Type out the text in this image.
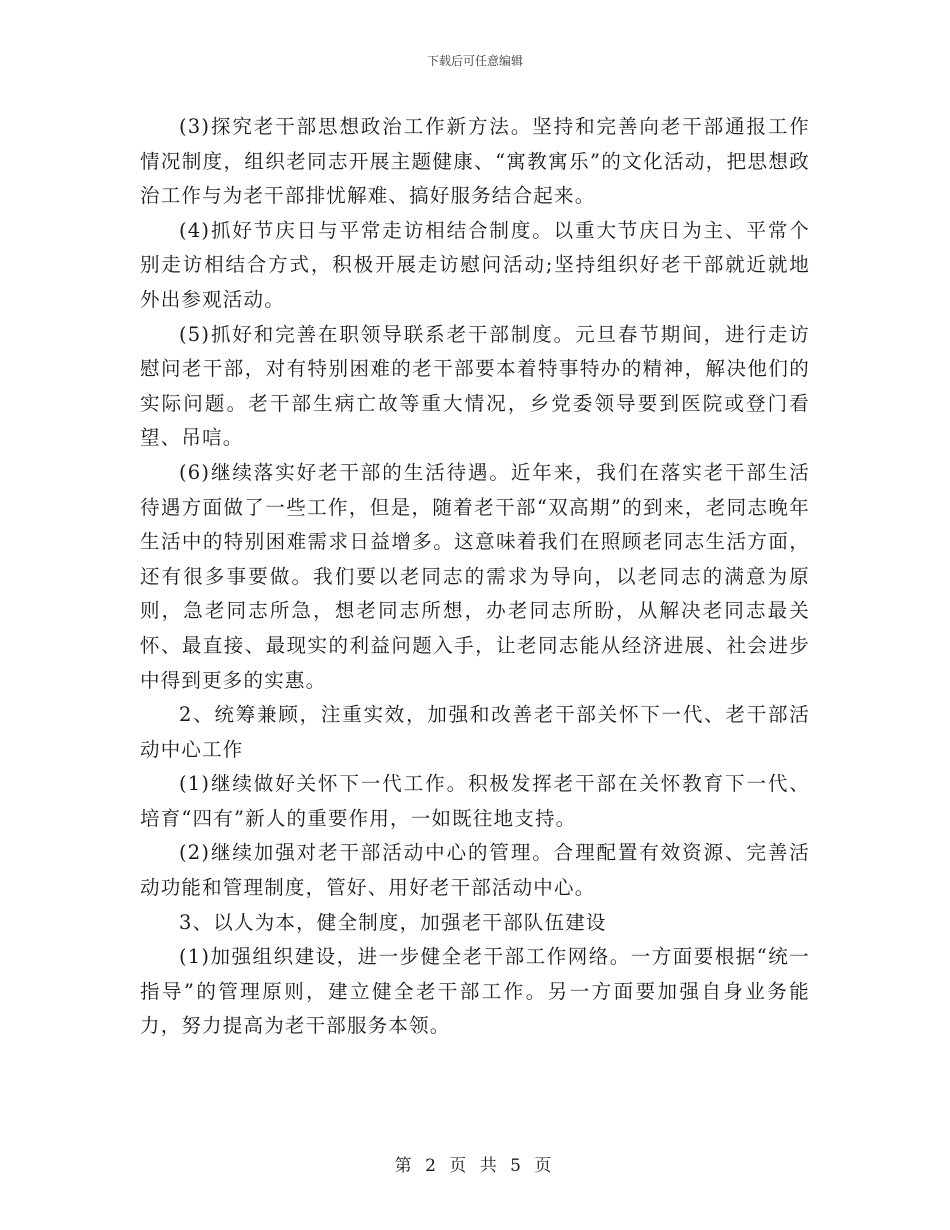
下载后可任意编辑

(3)探究老干部思想政治工作新方法。坚持和完善向老干部通报工作情况制度，组织老同志开展主题健康、“寓教寓乐”的文化活动，把思想政治工作与为老干部排忧解难、搞好服务结合起来。

(4)抓好节庆日与平常走访相结合制度。以重大节庆日为主、平常个别走访相结合方式，积极开展走访慰问活动;坚持组织好老干部就近就地外出参观活动。

(5)抓好和完善在职领导联系老干部制度。元旦春节期间，进行走访慰问老干部，对有特别困难的老干部要本着特事特办的精神，解决他们的实际问题。老干部生病亡故等重大情况，乡党委领导要到医院或登门看望、吊唁。

(6)继续落实好老干部的生活待遇。近年来，我们在落实老干部生活待遇方面做了一些工作，但是，随着老干部“双高期”的到来，老同志晚年生活中的特别困难需求日益增多。这意味着我们在照顾老同志生活方面，还有很多事要做。我们要以老同志的需求为导向，以老同志的满意为原则，急老同志所急，想老同志所想，办老同志所盼，从解决老同志最关怀、最直接、最现实的利益问题入手，让老同志能从经济进展、社会进步中得到更多的实惠。

2、统筹兼顾，注重实效，加强和改善老干部关怀下一代、老干部活动中心工作

(1)继续做好关怀下一代工作。积极发挥老干部在关怀教育下一代、培育“四有”新人的重要作用，一如既往地支持。

(2)继续加强对老干部活动中心的管理。合理配置有效资源、完善活动功能和管理制度，管好、用好老干部活动中心。

3、以人为本，健全制度，加强老干部队伍建设

(1)加强组织建设，进一步健全老干部工作网络。一方面要根据“统一指导”的管理原则，建立健全老干部工作。另一方面要加强自身业务能力，努力提高为老干部服务本领。

第 2 页 共 5 页
